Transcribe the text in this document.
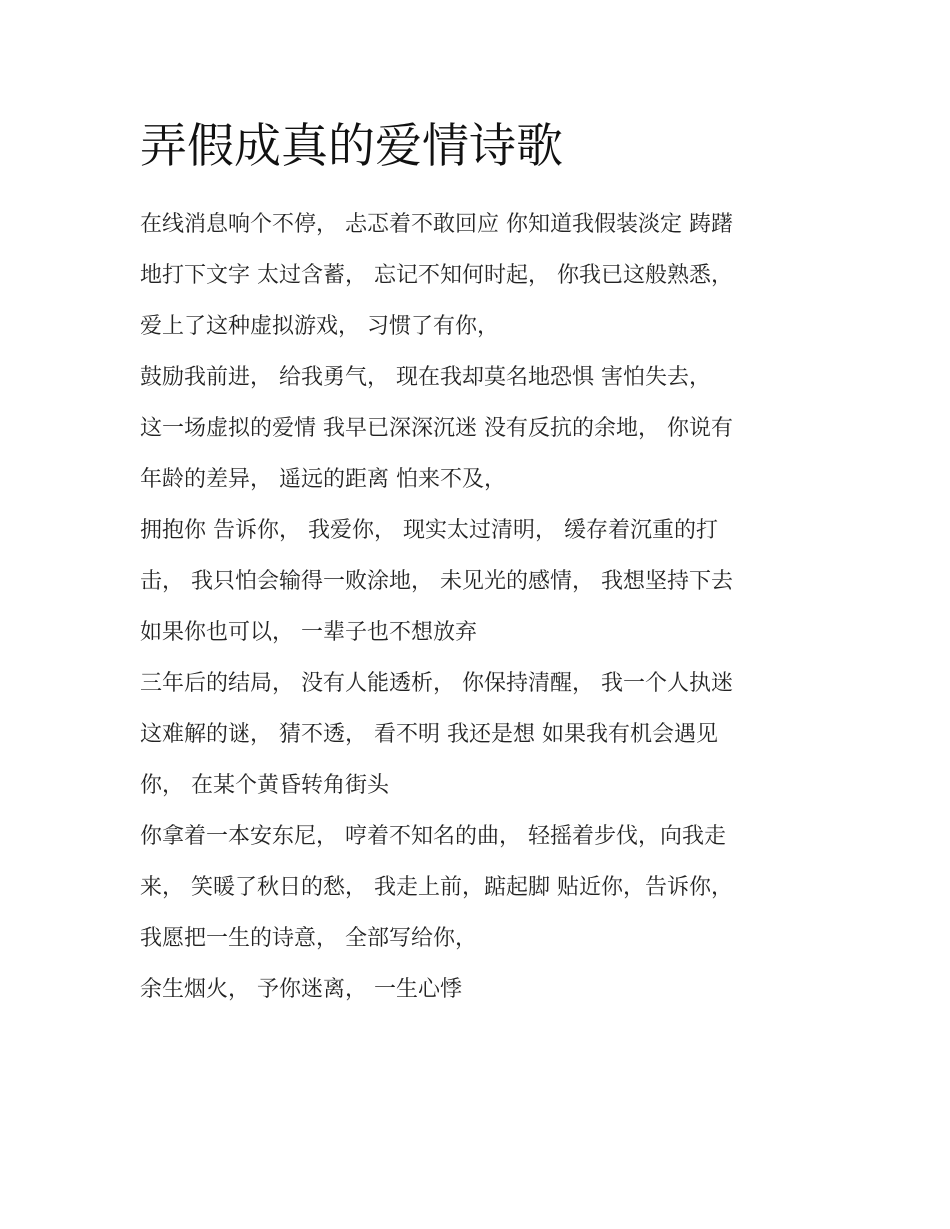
弄假成真的爱情诗歌

在线消息响个不停， 忐忑着不敢回应 你知道我假装淡定 踌躇
地打下文字 太过含蓄， 忘记不知何时起， 你我已这般熟悉，
爱上了这种虚拟游戏， 习惯了有你，

鼓励我前进， 给我勇气， 现在我却莫名地恐惧 害怕失去，

这一场虚拟的爱情 我早已深深沉迷 没有反抗的余地， 你说有
年龄的差异， 遥远的距离 怕来不及，

拥抱你 告诉你， 我爱你， 现实太过清明， 缓存着沉重的打
击， 我只怕会输得一败涂地， 未见光的感情， 我想坚持下去
如果你也可以， 一辈子也不想放弃

三年后的结局， 没有人能透析， 你保持清醒， 我一个人执迷
这难解的谜， 猜不透， 看不明 我还是想 如果我有机会遇见
你， 在某个黄昏转角街头

你拿着一本安东尼， 哼着不知名的曲， 轻摇着步伐，向我走
来， 笑暖了秋日的愁， 我走上前，踮起脚 贴近你，告诉你，
我愿把一生的诗意， 全部写给你，

余生烟火， 予你迷离， 一生心悸
